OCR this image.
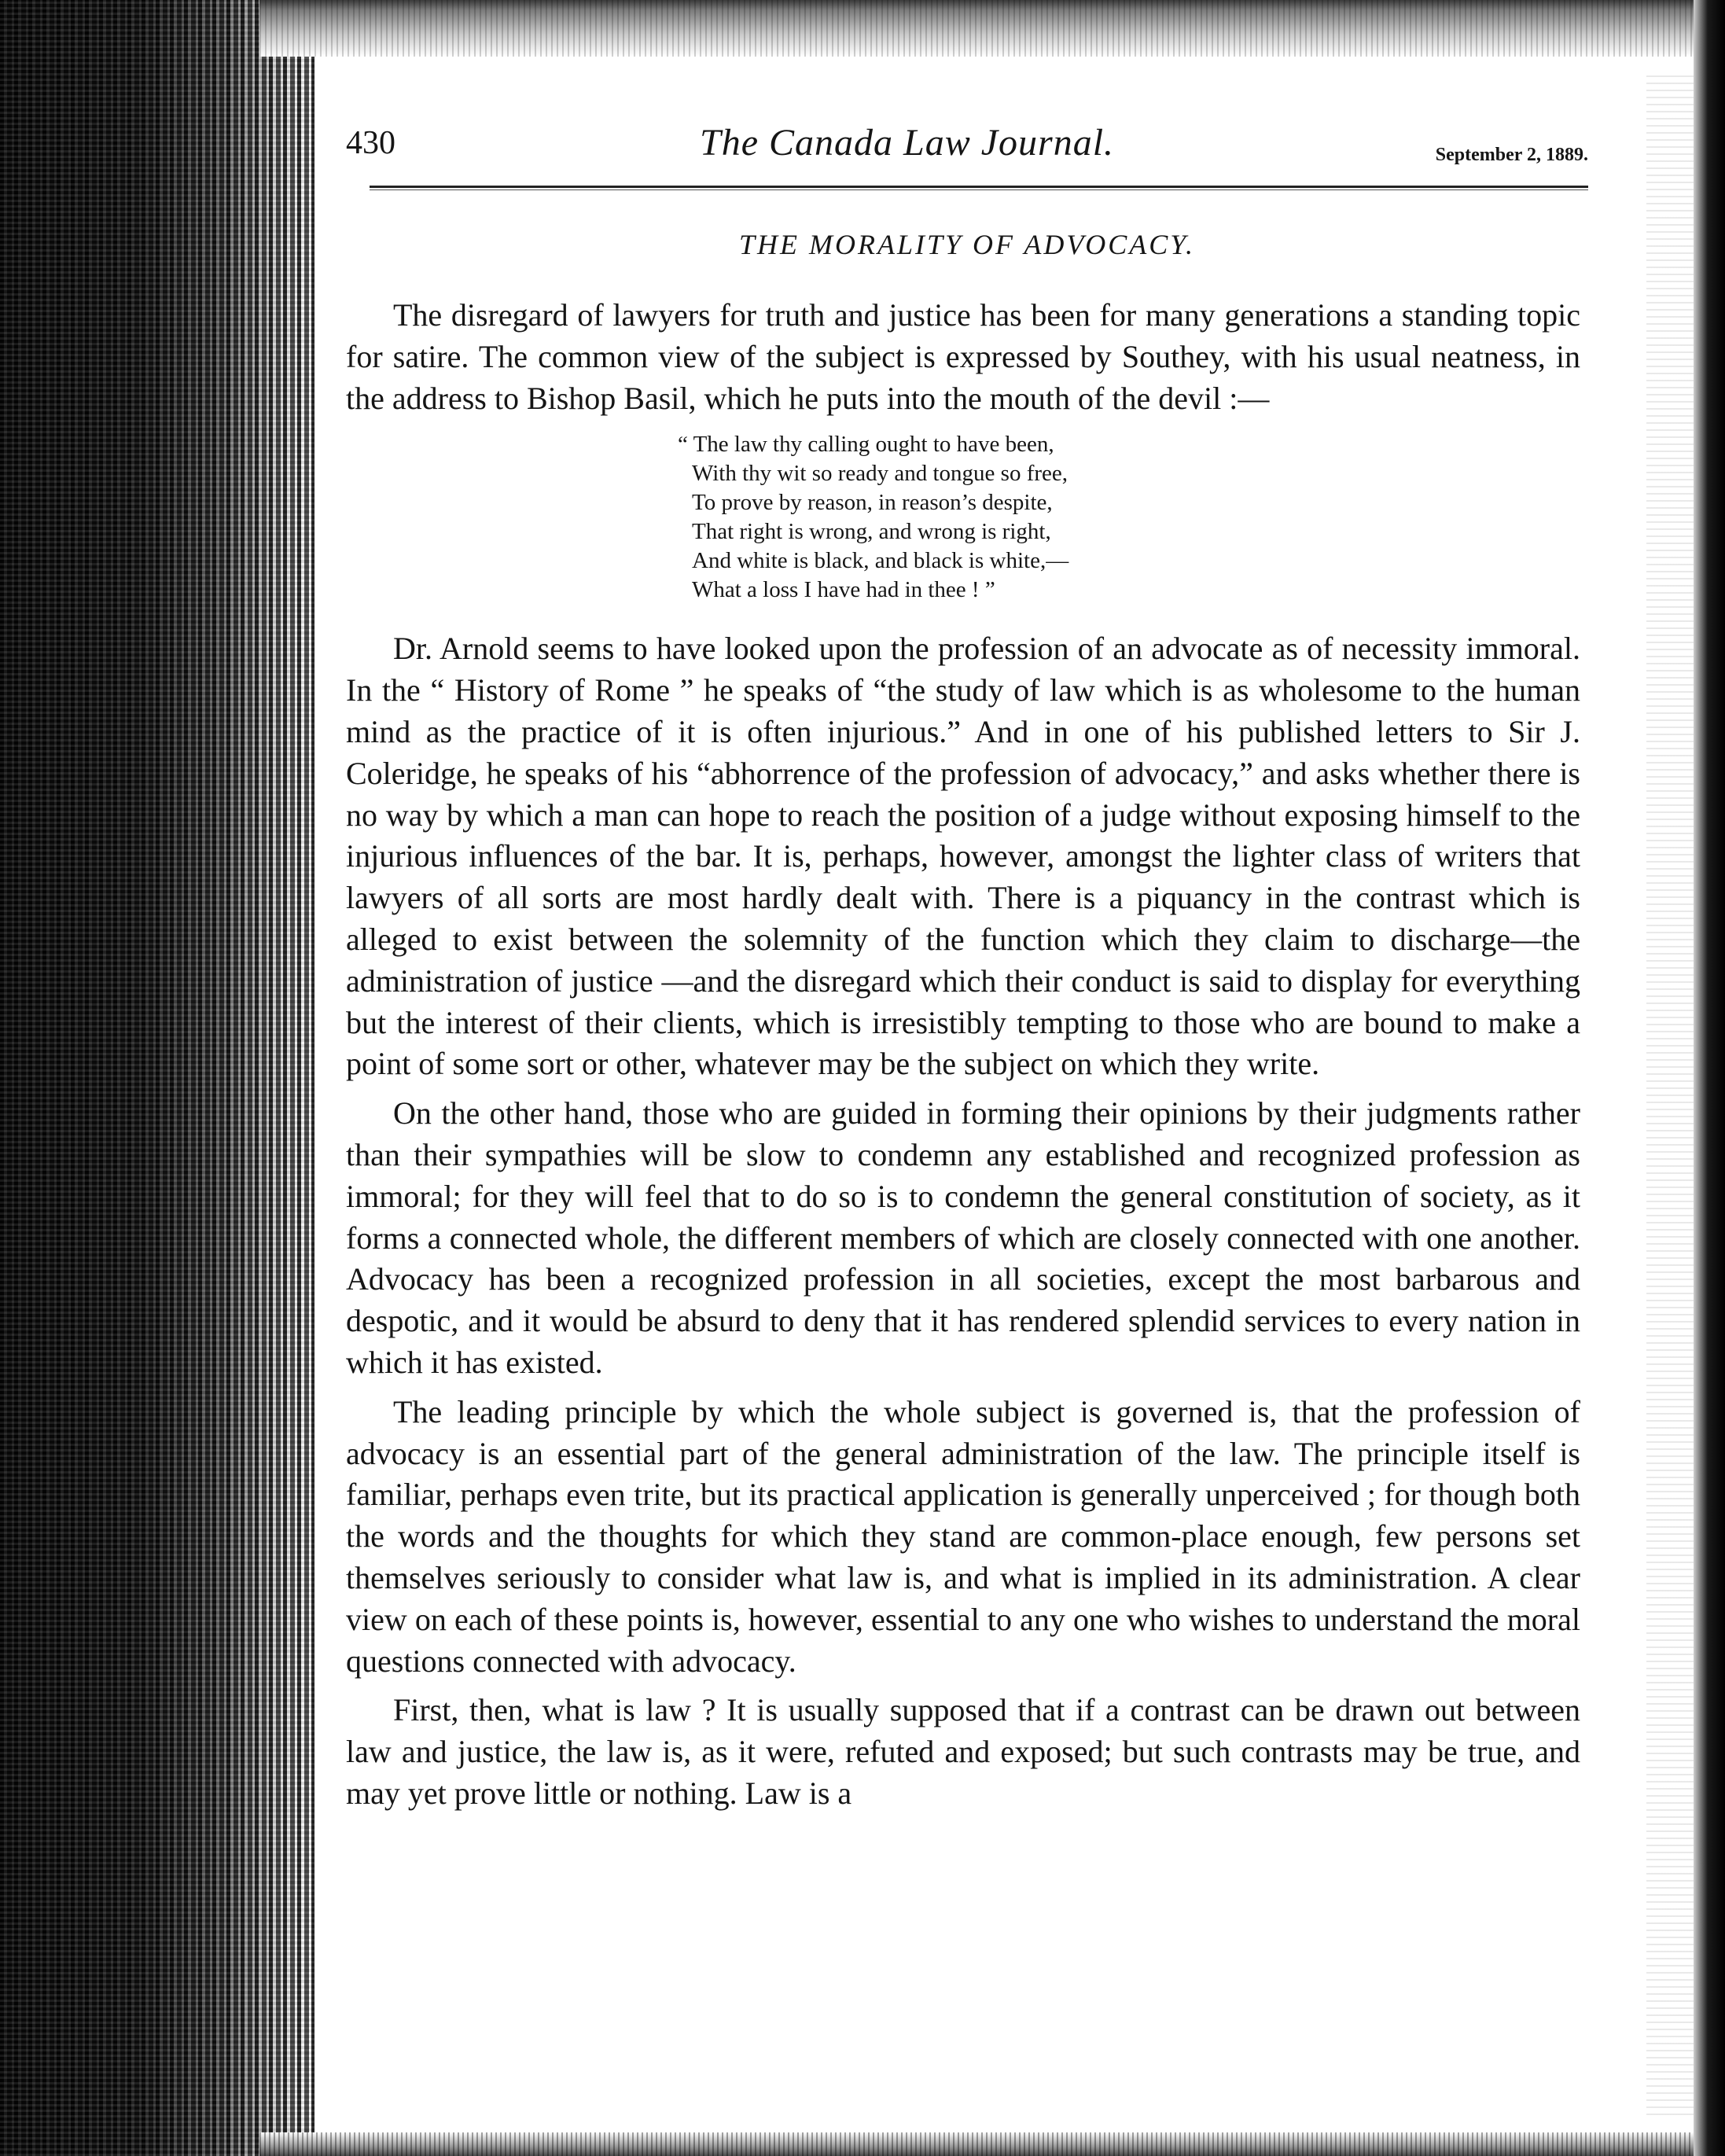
430	The Canada Law Journal.	September 2, 1889.
THE MORALITY OF ADVOCACY.

The disregard of lawyers for truth and justice has been for many generations a standing topic for satire. The common view of the subject is expressed by Southey, with his usual neatness, in the address to Bishop Basil, which he puts into the mouth of the devil :—

“ The law thy calling ought to have been,
With thy wit so ready and tongue so free,
To prove by reason, in reason’s despite,
That right is wrong, and wrong is right,
And white is black, and black is white,—
What a loss I have had in thee ! ”

Dr. Arnold seems to have looked upon the profession of an advocate as of necessity immoral. In the “ History of Rome ” he speaks of “the study of law which is as wholesome to the human mind as the practice of it is often injurious.” And in one of his published letters to Sir J. Coleridge, he speaks of his “abhorrence of the profession of advocacy,” and asks whether there is no way by which a man can hope to reach the position of a judge without exposing himself to the injurious influences of the bar. It is, perhaps, however, amongst the lighter class of writers that lawyers of all sorts are most hardly dealt with. There is a piquancy in the contrast which is alleged to exist between the solemnity of the function which they claim to discharge—the administration of justice —and the disregard which their conduct is said to display for everything but the interest of their clients, which is irresistibly tempting to those who are bound to make a point of some sort or other, whatever may be the subject on which they write.

On the other hand, those who are guided in forming their opinions by their judgments rather than their sympathies will be slow to condemn any established and recognized profession as immoral; for they will feel that to do so is to condemn the general constitution of society, as it forms a connected whole, the different members of which are closely connected with one another. Advocacy has been a recognized profession in all societies, except the most barbarous and despotic, and it would be absurd to deny that it has rendered splendid services to every nation in which it has existed.

The leading principle by which the whole subject is governed is, that the profession of advocacy is an essential part of the general administration of the law. The principle itself is familiar, perhaps even trite, but its practical application is generally unperceived ; for though both the words and the thoughts for which they stand are common-place enough, few persons set themselves seriously to consider what law is, and what is implied in its administration. A clear view on each of these points is, however, essential to any one who wishes to understand the moral questions connected with advocacy.

First, then, what is law ? It is usually supposed that if a contrast can be drawn out between law and justice, the law is, as it were, refuted and exposed; but such contrasts may be true, and may yet prove little or nothing. Law is a
